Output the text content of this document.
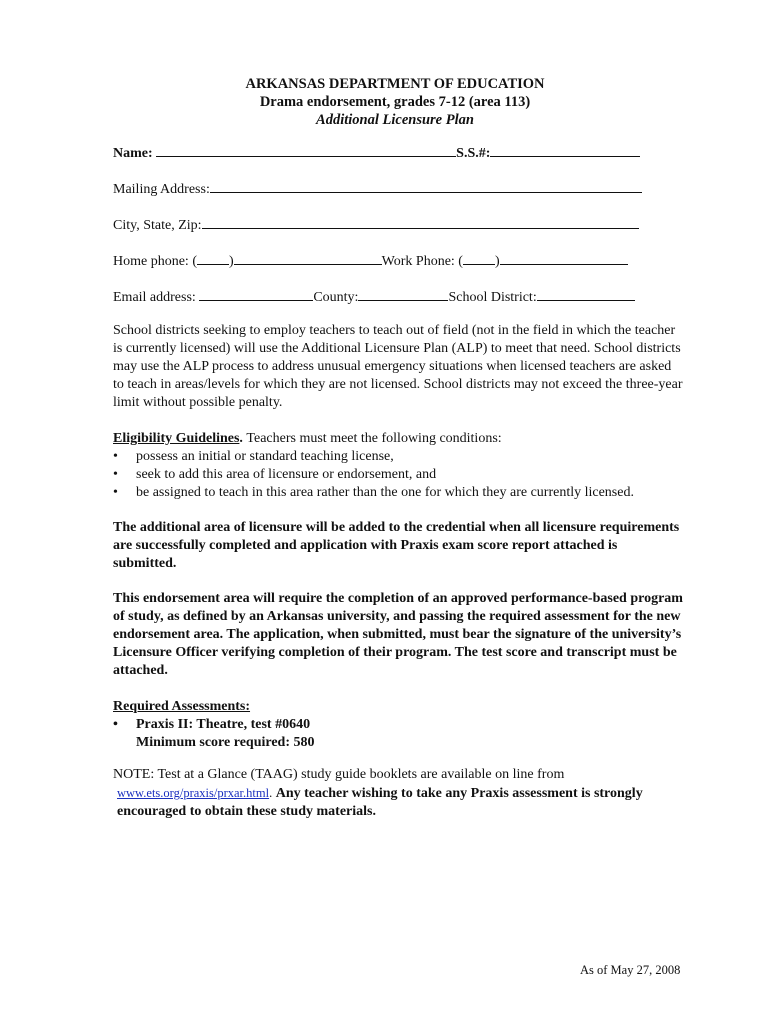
ARKANSAS DEPARTMENT OF EDUCATION
Drama endorsement, grades 7-12 (area 113)
Additional Licensure Plan
Name:	S.S.#:
Mailing Address:
City, State, Zip:
Home phone: ( )	Work Phone: ( )
Email address:	County:	School District:
School districts seeking to employ teachers to teach out of field (not in the field in which the teacher is currently licensed) will use the Additional Licensure Plan (ALP) to meet that need. School districts may use the ALP process to address unusual emergency situations when licensed teachers are asked to teach in areas/levels for which they are not licensed. School districts may not exceed the three-year limit without possible penalty.

Eligibility Guidelines. Teachers must meet the following conditions:

• possess an initial or standard teaching license,
• seek to add this area of licensure or endorsement, and
• be assigned to teach in this area rather than the one for which they are currently licensed.
The additional area of licensure will be added to the credential when all licensure requirements are successfully completed and application with Praxis exam score report attached is submitted.
This endorsement area will require the completion of an approved performance-based program of study, as defined by an Arkansas university, and passing the required assessment for the new endorsement area. The application, when submitted, must bear the signature of the university’s Licensure Officer verifying completion of their program. The test score and transcript must be attached.

Required Assessments:

• Praxis II: Theatre, test #0640
Minimum score required: 580

NOTE: Test at a Glance (TAAG) study guide booklets are available on line from

www.ets.org/praxis/prxar.html. Any teacher wishing to take any Praxis assessment is strongly

encouraged to obtain these study materials.

As of May 27, 2008
